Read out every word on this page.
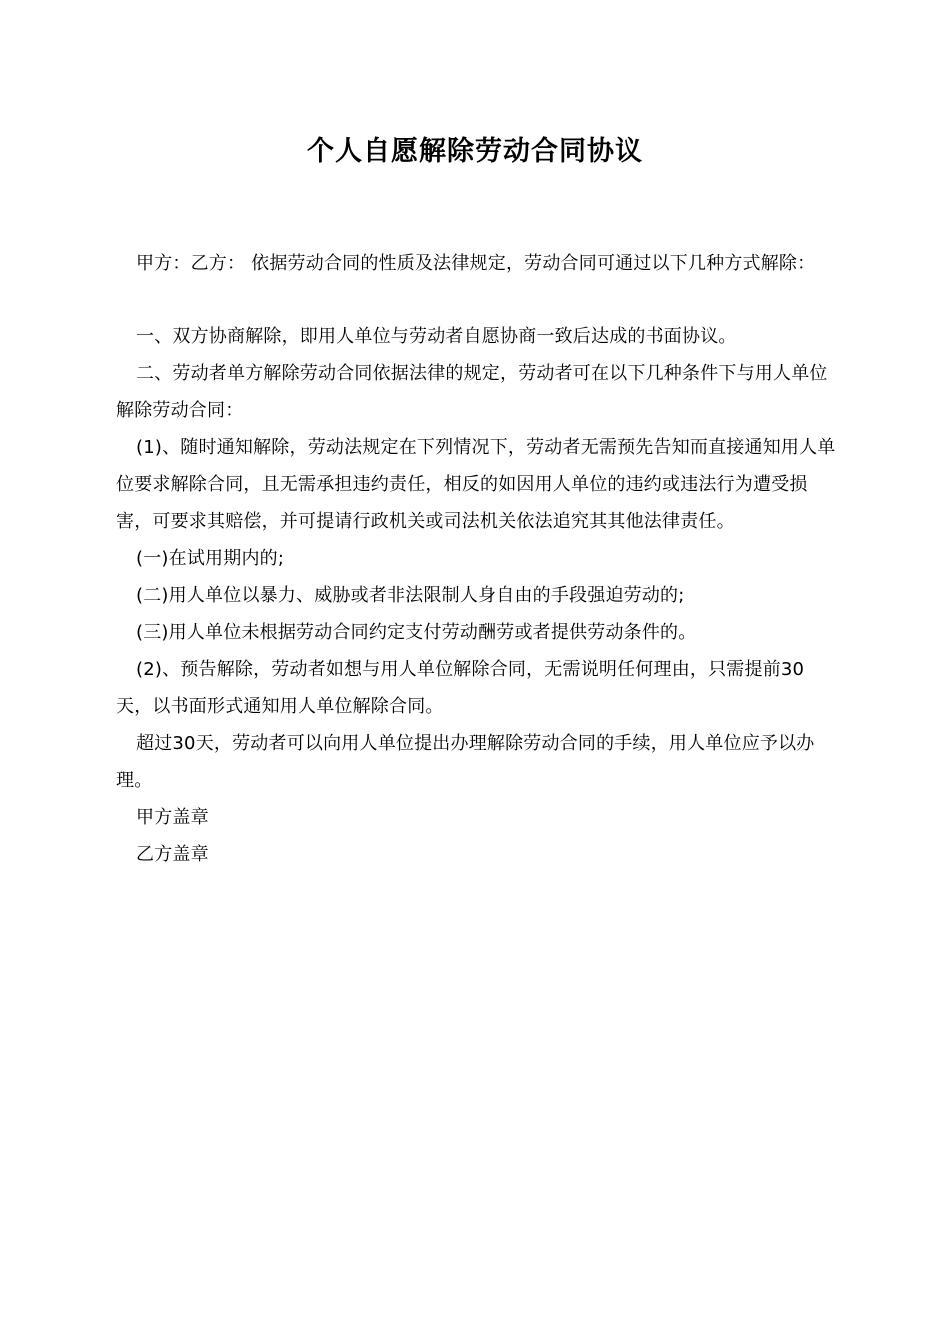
个人自愿解除劳动合同协议

甲方：乙方： 依据劳动合同的性质及法律规定，劳动合同可通过以下几种方式解除：

一、双方协商解除，即用人单位与劳动者自愿协商一致后达成的书面协议。

二、劳动者单方解除劳动合同依据法律的规定，劳动者可在以下几种条件下与用人单位解除劳动合同：

(1)、随时通知解除，劳动法规定在下列情况下，劳动者无需预先告知而直接通知用人单位要求解除合同，且无需承担违约责任，相反的如因用人单位的违约或违法行为遭受损害，可要求其赔偿，并可提请行政机关或司法机关依法追究其其他法律责任。

(一)在试用期内的;

(二)用人单位以暴力、威胁或者非法限制人身自由的手段强迫劳动的;

(三)用人单位未根据劳动合同约定支付劳动酬劳或者提供劳动条件的。

(2)、预告解除，劳动者如想与用人单位解除合同，无需说明任何理由，只需提前30天，以书面形式通知用人单位解除合同。

超过30天，劳动者可以向用人单位提出办理解除劳动合同的手续，用人单位应予以办理。

甲方盖章

乙方盖章
